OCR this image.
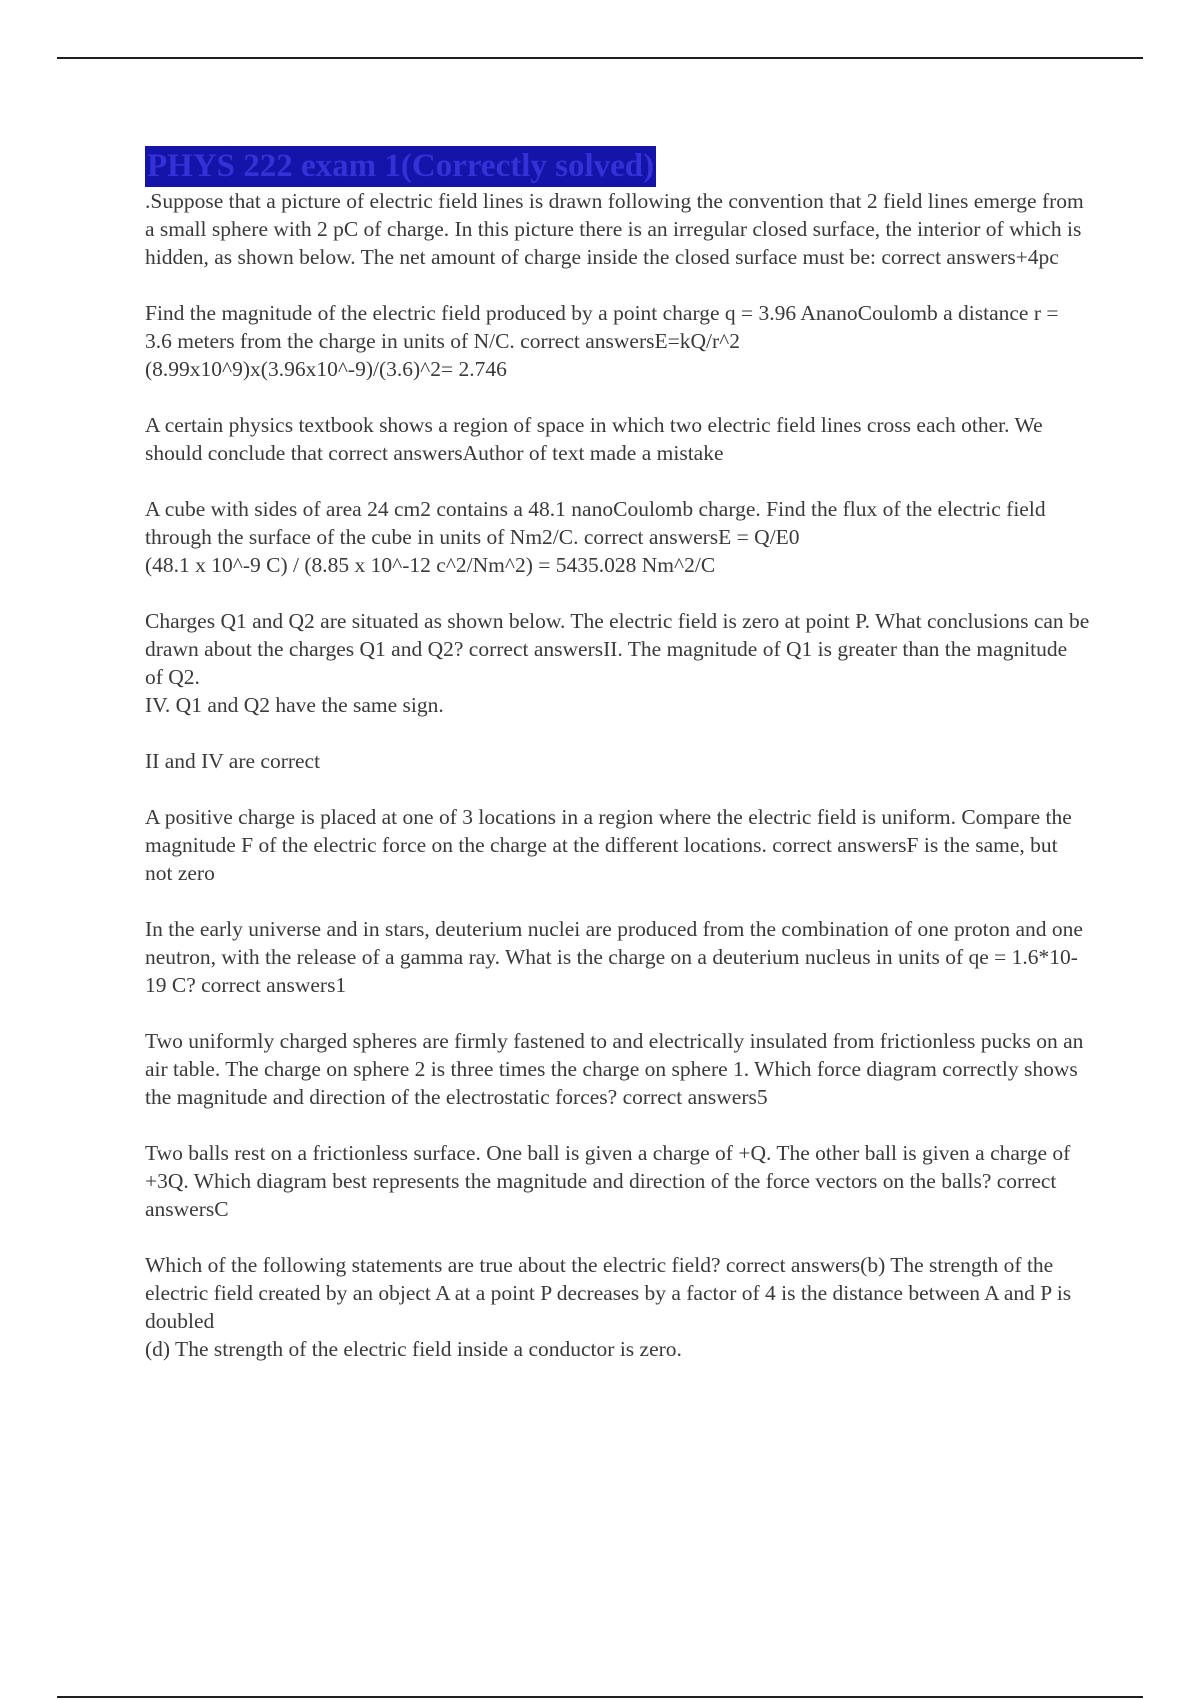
PHYS 222 exam 1(Correctly solved)

.Suppose that a picture of electric field lines is drawn following the convention that 2 field lines emerge from a small sphere with 2 pC of charge. In this picture there is an irregular closed surface, the interior of which is hidden, as shown below. The net amount of charge inside the closed surface must be: correct answers+4pc

Find the magnitude of the electric field produced by a point charge q = 3.96 AnanoCoulomb a distance r = 3.6 meters from the charge in units of N/C. correct answersE=kQ/r^2

(8.99x10^9)x(3.96x10^-9)/(3.6)^2= 2.746

A certain physics textbook shows a region of space in which two electric field lines cross each other. We should conclude that correct answersAuthor of text made a mistake

A cube with sides of area 24 cm2 contains a 48.1 nanoCoulomb charge. Find the flux of the electric field through the surface of the cube in units of Nm2/C. correct answersE = Q/E0

(48.1 x 10^-9 C) / (8.85 x 10^-12 c^2/Nm^2) = 5435.028 Nm^2/C

Charges Q1 and Q2 are situated as shown below. The electric field is zero at point P. What conclusions can be drawn about the charges Q1 and Q2? correct answersII. The magnitude of Q1 is greater than the magnitude of Q2.

IV. Q1 and Q2 have the same sign.

II and IV are correct

A positive charge is placed at one of 3 locations in a region where the electric field is uniform. Compare the magnitude F of the electric force on the charge at the different locations. correct answersF is the same, but not zero

In the early universe and in stars, deuterium nuclei are produced from the combination of one proton and one neutron, with the release of a gamma ray. What is the charge on a deuterium nucleus in units of qe = 1.6*10-19 C? correct answers1

Two uniformly charged spheres are firmly fastened to and electrically insulated from frictionless pucks on an air table. The charge on sphere 2 is three times the charge on sphere 1. Which force diagram correctly shows the magnitude and direction of the electrostatic forces? correct answers5

Two balls rest on a frictionless surface. One ball is given a charge of +Q. The other ball is given a charge of +3Q. Which diagram best represents the magnitude and direction of the force vectors on the balls? correct answersC

Which of the following statements are true about the electric field? correct answers(b) The strength of the electric field created by an object A at a point P decreases by a factor of 4 is the distance between A and P is doubled

(d) The strength of the electric field inside a conductor is zero.
